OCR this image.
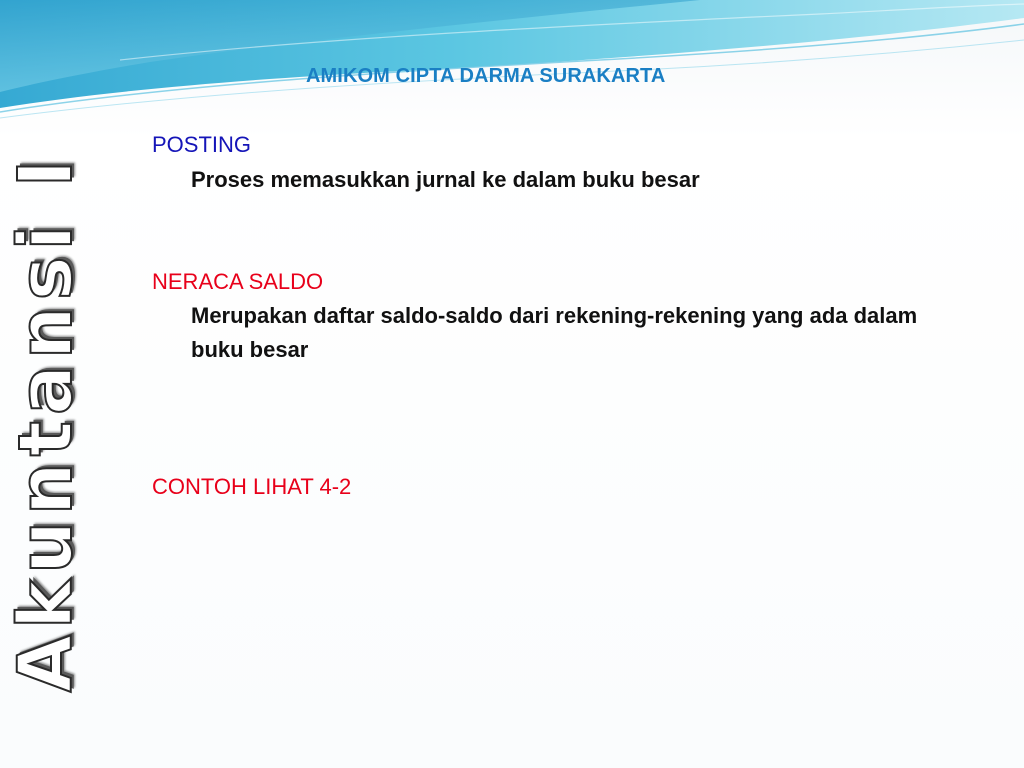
Akuntansi I
AMIKOM CIPTA DARMA SURAKARTA
POSTING
Proses memasukkan jurnal ke dalam buku besar
NERACA SALDO
Merupakan daftar saldo-saldo dari rekening-rekening yang ada dalam buku besar
CONTOH LIHAT 4-2
